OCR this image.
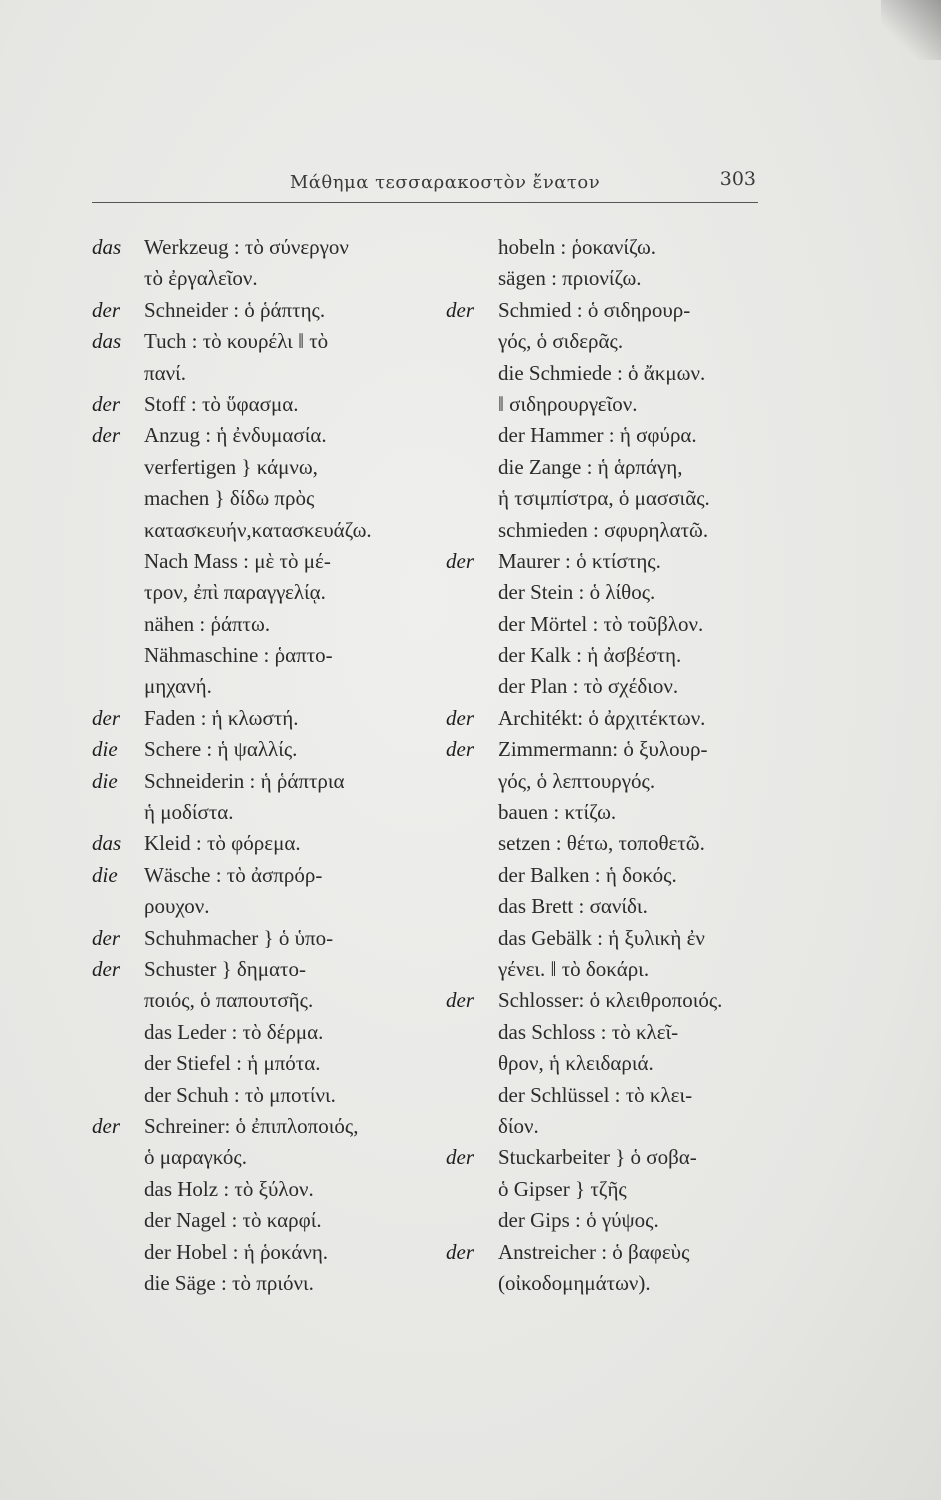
Μάθημα τεσσαρακοστὸν ἔνατον	303
das Werkzeug : τὸ σύνεργον
τὸ ἐργαλεῖον.
der Schneider : ὁ ῥάπτης.
das Tuch : τὸ κουρέλι ‖ τὸ
πανί.
der Stoff : τὸ ὕφασμα.
der Anzug : ἡ ἐνδυμασία.
verfertigen } κάμνω,
machen } δίδω πρὸς
κατασκευήν,κατασκευάζω.
Nach Mass : μὲ τὸ μέ-
τρον, ἐπὶ παραγγελίᾳ.
nähen : ῥάπτω.
Nähmaschine : ῥαπτο-
μηχανή.
der Faden : ἡ κλωστή.
die Schere : ἡ ψαλλίς.
die Schneiderin : ἡ ῥάπτρια
ἡ μοδίστα.
das Kleid : τὸ φόρεμα.
die Wäsche : τὸ ἀσπρόρ-
ρουχον.
der Schuhmacher } ὁ ὑπο-
der Schuster } δηματο-
ποιός, ὁ παπουτσῆς.
das Leder : τὸ δέρμα.
der Stiefel : ἡ μπότα.
der Schuh : τὸ μποτίνι.
der Schreiner: ὁ ἐπιπλοποιός,
ὁ μαραγκός.
das Holz : τὸ ξύλον.
der Nagel : τὸ καρφί.
der Hobel : ἡ ῥοκάνη.
die Säge : τὸ πριόνι.
hobeln : ῥοκανίζω.
sägen : πριονίζω.
der Schmied : ὁ σιδηρουρ-
γός, ὁ σιδερᾶς.
die Schmiede : ὁ ἄκμων.
‖ σιδηρουργεῖον.
der Hammer : ἡ σφύρα.
die Zange : ἡ ἁρπάγη,
ἡ τσιμπίστρα, ὁ μασσιᾶς.
schmieden : σφυρηλατῶ.
der Maurer : ὁ κτίστης.
der Stein : ὁ λίθος.
der Mörtel : τὸ τοῦβλον.
der Kalk : ἡ ἀσβέστη.
der Plan : τὸ σχέδιον.
der Architékt: ὁ ἀρχιτέκτων.
der Zimmermann: ὁ ξυλουρ-
γός, ὁ λεπτουργός.
bauen : κτίζω.
setzen : θέτω, τοποθετῶ.
der Balken : ἡ δοκός.
das Brett : σανίδι.
das Gebälk : ἡ ξυλικὴ ἐν
γένει. ‖ τὸ δοκάρι.
der Schlosser: ὁ κλειθροποιός.
das Schloss : τὸ κλεῖ-
θρον, ἡ κλειδαριά.
der Schlüssel : τὸ κλει-
δίον.
der Stuckarbeiter } ὁ σοβα-
ὁ Gipser } τζῆς
der Gips : ὁ γύψος.
der Anstreicher : ὁ βαφεὺς
(οἰκοδομημάτων).
